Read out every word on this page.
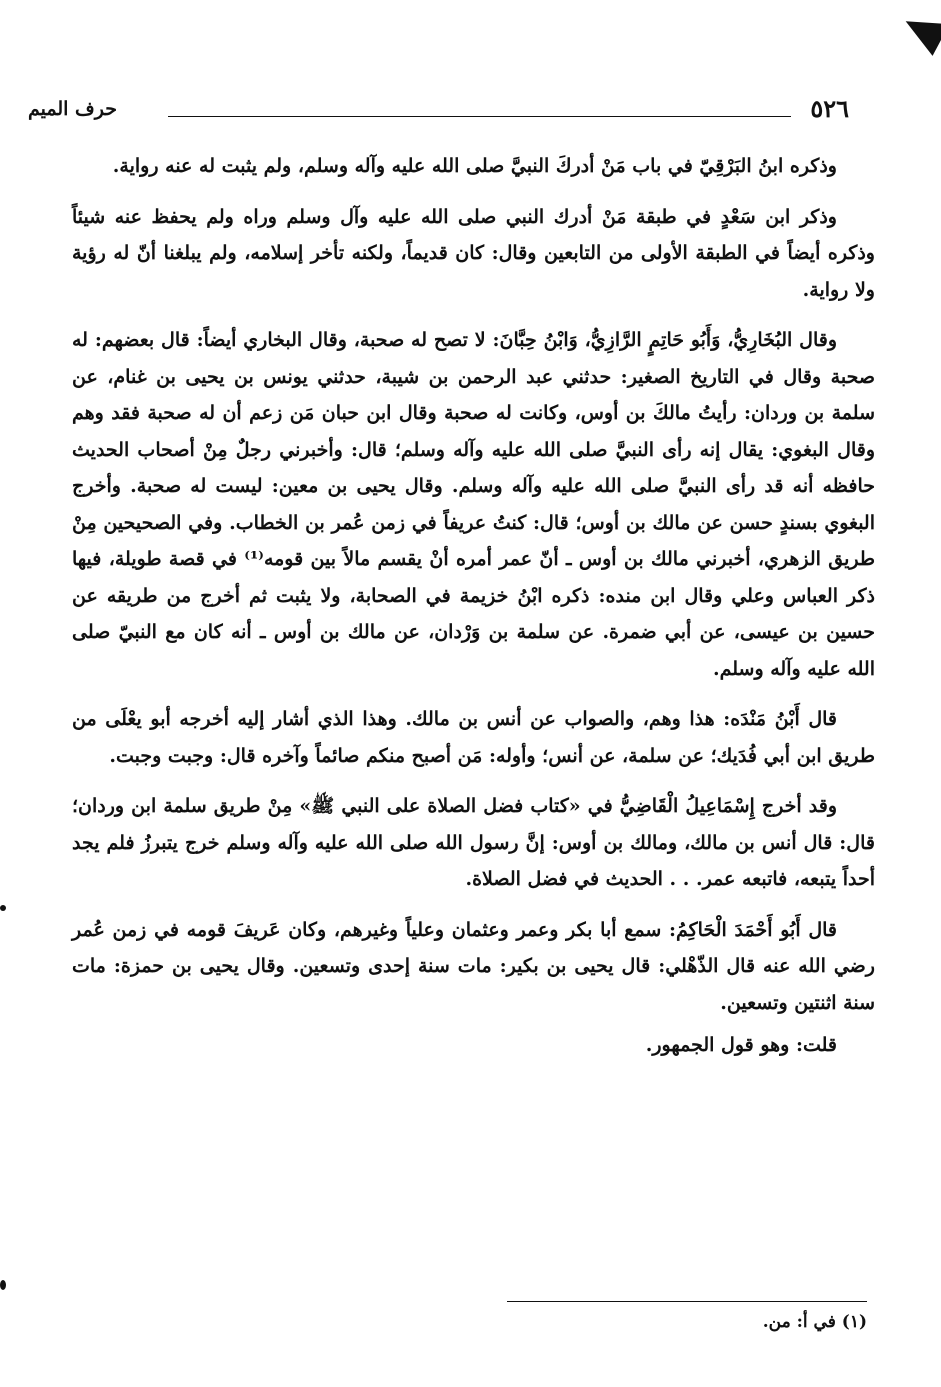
٥٢٦
حرف الميم

وذكره ابنُ البَرْقِيّ في باب مَنْ أدركَ النبيَّ صلى الله عليه وآله وسلم، ولم يثبت له عنه رواية.

وذكر ابن سَعْدٍ في طبقة مَنْ أدرك النبي صلى الله عليه وآل وسلم وراه ولم يحفظ عنه شيئاً وذكره أيضاً في الطبقة الأولى من التابعين وقال: كان قديماً، ولكنه تأخر إسلامه، ولم يبلغنا أنّ له رؤية ولا رواية.

وقال البُخَارِيُّ، وَأَبُو حَاتِمٍ الرَّازِيُّ، وَابْنُ حِبَّانَ: لا تصح له صحبة، وقال البخاري أيضاً: قال بعضهم: له صحبة وقال في التاريخ الصغير: حدثني عبد الرحمن بن شيبة، حدثني يونس بن يحيى بن غنام، عن سلمة بن وردان: رأيتُ مالكَ بن أوس، وكانت له صحبة وقال ابن حبان مَن زعم أن له صحبة فقد وهم وقال البغوي: يقال إنه رأى النبيَّ صلى الله عليه وآله وسلم؛ قال: وأخبرني رجلٌ مِنْ أصحاب الحديث حافظه أنه قد رأى النبيَّ صلى الله عليه وآله وسلم. وقال يحيى بن معين: ليست له صحبة. وأخرج البغوي بسندٍ حسن عن مالك بن أوس؛ قال: كنتُ عريفاً في زمن عُمر بن الخطاب. وفي الصحيحين مِنْ طريق الزهري، أخبرني مالك بن أوس ـ أنّ عمر أمره أنْ يقسم مالاً بين قومه⁽¹⁾ في قصة طويلة، فيها ذكر العباس وعلي وقال ابن منده: ذكره ابْنُ خزيمة في الصحابة، ولا يثبت ثم أخرج من طريقه عن حسين بن عيسى، عن أبي ضمرة. عن سلمة بن وَرْدان، عن مالك بن أوس ـ أنه كان مع النبيّ صلى الله عليه وآله وسلم.

قال أَبْنُ مَنْدَه: هذا وهم، والصواب عن أنس بن مالك. وهذا الذي أشار إليه أخرجه أبو يعْلَى من طريق ابن أبي فُدَيك؛ عن سلمة، عن أنس؛ وأوله: مَن أصبح منكم صائماً وآخره قال: وجبت وجبت.

وقد أخرج إِسْمَاعِيلُ الْقَاضِيُّ في «كتاب فضل الصلاة على النبي ﷺ» مِنْ طريق سلمة ابن وردان؛ قال: قال أنس بن مالك، ومالك بن أوس: إنَّ رسول الله صلى الله عليه وآله وسلم خرج يتبرزُ فلم يجد أحداً يتبعه، فاتبعه عمر. . . الحديث في فضل الصلاة.

قال أَبُو أَحْمَدَ الْحَاكِمُ: سمع أبا بكر وعمر وعثمان وعلياً وغيرهم، وكان عَريفَ قومه في زمن عُمر رضي الله عنه قال الذّهْلي: قال يحيى بن بكير: مات سنة إحدى وتسعين. وقال يحيى بن حمزة: مات سنة اثنتين وتسعين.

قلت: وهو قول الجمهور.

(١) في أ: من.
